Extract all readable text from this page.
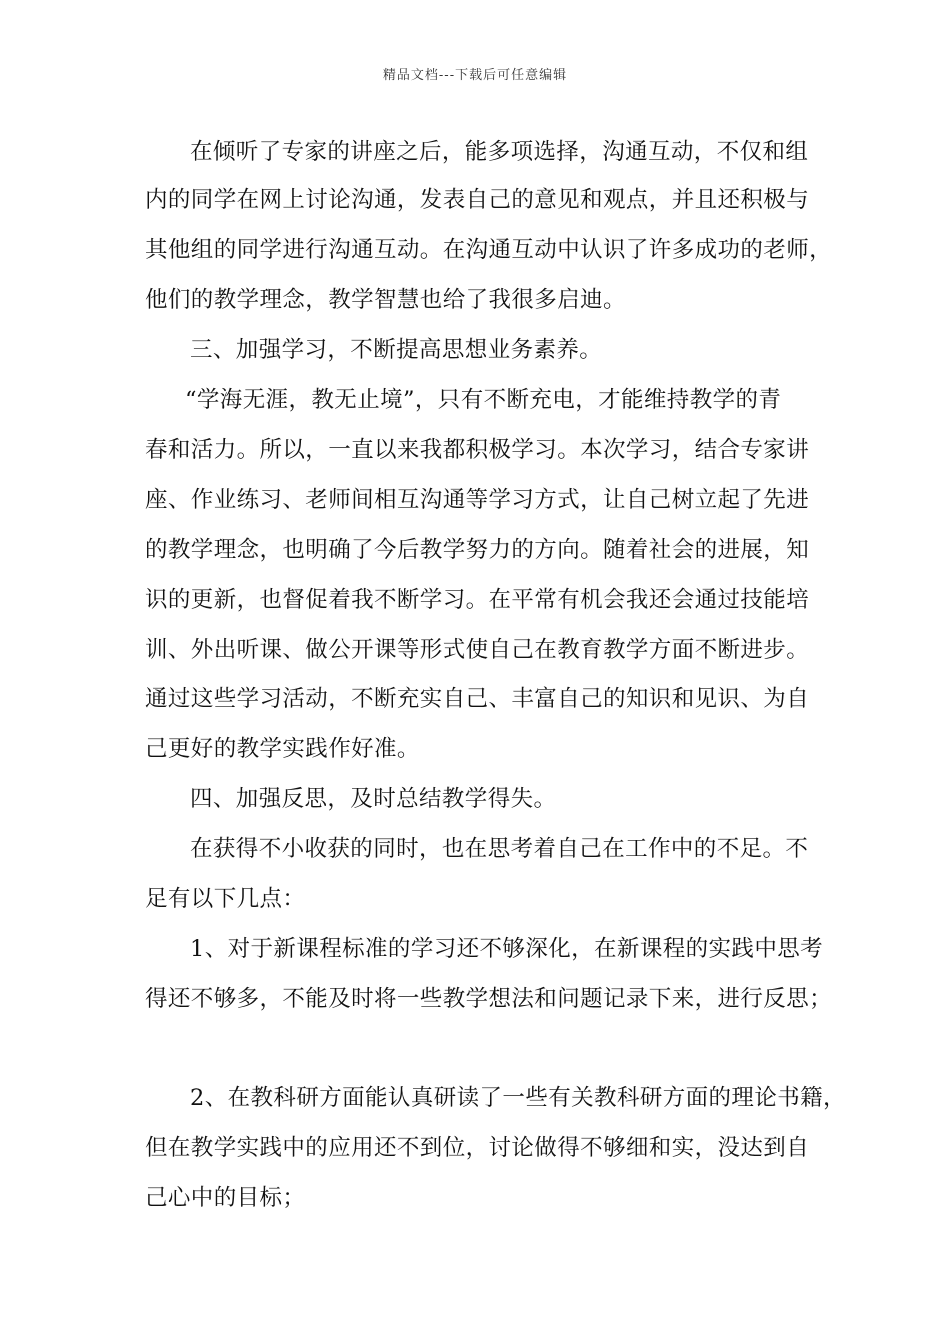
精品文档---下载后可任意编辑
在倾听了专家的讲座之后，能多项选择，沟通互动，不仅和组
内的同学在网上讨论沟通，发表自己的意见和观点，并且还积极与
其他组的同学进行沟通互动。在沟通互动中认识了许多成功的老师，
他们的教学理念，教学智慧也给了我很多启迪。
三、加强学习，不断提高思想业务素养。
“学海无涯，教无止境”，只有不断充电，才能维持教学的青
春和活力。所以，一直以来我都积极学习。本次学习，结合专家讲
座、作业练习、老师间相互沟通等学习方式，让自己树立起了先进
的教学理念，也明确了今后教学努力的方向。随着社会的进展，知
识的更新，也督促着我不断学习。在平常有机会我还会通过技能培
训、外出听课、做公开课等形式使自己在教育教学方面不断进步。
通过这些学习活动，不断充实自己、丰富自己的知识和见识、为自
己更好的教学实践作好准。
四、加强反思，及时总结教学得失。
在获得不小收获的同时，也在思考着自己在工作中的不足。不
足有以下几点：
1、对于新课程标准的学习还不够深化，在新课程的实践中思考
得还不够多，不能及时将一些教学想法和问题记录下来，进行反思；
2、在教科研方面能认真研读了一些有关教科研方面的理论书籍，
但在教学实践中的应用还不到位，讨论做得不够细和实，没达到自
己心中的目标；
